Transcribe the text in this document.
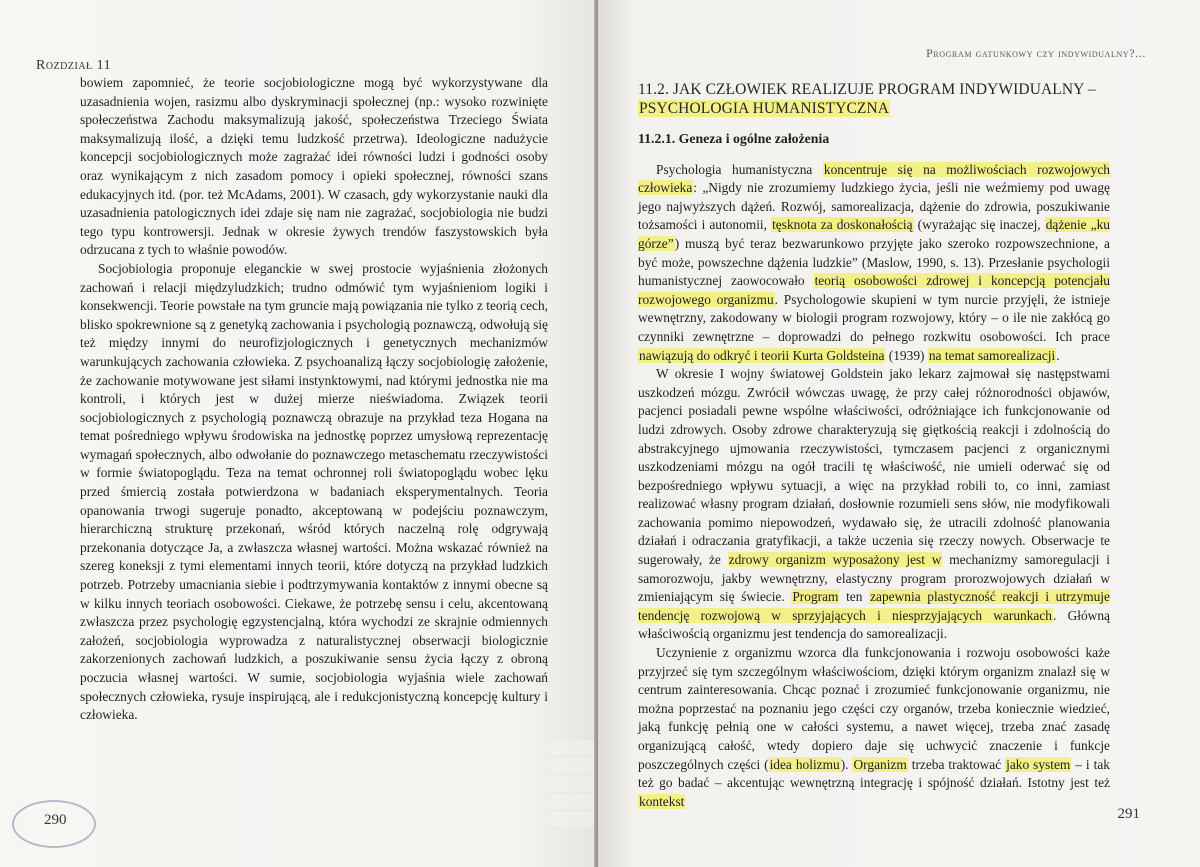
Rozdział 11

bowiem zapomnieć, że teorie socjobiologiczne mogą być wykorzystywane dla uzasadnienia wojen, rasizmu albo dyskryminacji społecznej (np.: wysoko rozwinięte społeczeństwa Zachodu maksymalizują jakość, społeczeństwa Trzeciego Świata maksymalizują ilość, a dzięki temu ludzkość przetrwa). Ideologiczne nadużycie koncepcji socjobiologicznych może zagrażać idei równości ludzi i godności osoby oraz wynikającym z nich zasadom pomocy i opieki społecznej, równości szans edukacyjnych itd. (por. też McAdams, 2001). W czasach, gdy wykorzystanie nauki dla uzasadnienia patologicznych idei zdaje się nam nie zagrażać, socjobiologia nie budzi tego typu kontrowersji. Jednak w okresie żywych trendów faszystowskich była odrzucana z tych to właśnie powodów.

Socjobiologia proponuje eleganckie w swej prostocie wyjaśnienia złożonych zachowań i relacji międzyludzkich; trudno odmówić tym wyjaśnieniom logiki i konsekwencji. Teorie powstałe na tym gruncie mają powiązania nie tylko z teorią cech, blisko spokrewnione są z genetyką zachowania i psychologią poznawczą, odwołują się też między innymi do neurofizjologicznych i genetycznych mechanizmów warunkujących zachowania człowieka. Z psychoanalizą łączy socjobiologię założenie, że zachowanie motywowane jest siłami instynktowymi, nad którymi jednostka nie ma kontroli, i których jest w dużej mierze nieświadoma. Związek teorii socjobiologicznych z psychologią poznawczą obrazuje na przykład teza Hogana na temat pośredniego wpływu środowiska na jednostkę poprzez umysłową reprezentację wymagań społecznych, albo odwołanie do poznawczego metaschematu rzeczywistości w formie światopoglądu. Teza na temat ochronnej roli światopoglądu wobec lęku przed śmiercią została potwierdzona w badaniach eksperymentalnych. Teoria opanowania trwogi sugeruje ponadto, akceptowaną w podejściu poznawczym, hierarchiczną strukturę przekonań, wśród których naczelną rolę odgrywają przekonania dotyczące Ja, a zwłaszcza własnej wartości. Można wskazać również na szereg koneksji z tymi elementami innych teorii, które dotyczą na przykład ludzkich potrzeb. Potrzeby umacniania siebie i podtrzymywania kontaktów z innymi obecne są w kilku innych teoriach osobowości. Ciekawe, że potrzebę sensu i celu, akcentowaną zwłaszcza przez psychologię egzystencjalną, która wychodzi ze skrajnie odmiennych założeń, socjobiologia wyprowadza z naturalistycznej obserwacji biologicznie zakorzenionych zachowań ludzkich, a poszukiwanie sensu życia łączy z obroną poczucia własnej wartości. W sumie, socjobiologia wyjaśnia wiele zachowań społecznych człowieka, rysuje inspirującą, ale i redukcjonistyczną koncepcję kultury i człowieka.

290
Program gatunkowy czy indywidualny?...
11.2. JAK CZŁOWIEK REALIZUJE PROGRAM INDYWIDUALNY –
PSYCHOLOGIA HUMANISTYCZNA
11.2.1. Geneza i ogólne założenia

Psychologia humanistyczna koncentruje się na możliwościach rozwojowych człowieka: „Nigdy nie zrozumiemy ludzkiego życia, jeśli nie weźmiemy pod uwagę jego najwyższych dążeń. Rozwój, samorealizacja, dążenie do zdrowia, poszukiwanie tożsamości i autonomii, tęsknota za doskonałością (wyrażając się inaczej, dążenie „ku górze”) muszą być teraz bezwarunkowo przyjęte jako szeroko rozpowszechnione, a być może, powszechne dążenia ludzkie” (Maslow, 1990, s. 13). Przesłanie psychologii humanistycznej zaowocowało teorią osobowości zdrowej i koncepcją potencjału rozwojowego organizmu. Psychologowie skupieni w tym nurcie przyjęli, że istnieje wewnętrzny, zakodowany w biologii program rozwojowy, który – o ile nie zakłócą go czynniki zewnętrzne – doprowadzi do pełnego rozkwitu osobowości. Ich prace nawiązują do odkryć i teorii Kurta Goldsteina (1939) na temat samorealizacji.

W okresie I wojny światowej Goldstein jako lekarz zajmował się następstwami uszkodzeń mózgu. Zwrócił wówczas uwagę, że przy całej różnorodności objawów, pacjenci posiadali pewne wspólne właściwości, odróżniające ich funkcjonowanie od ludzi zdrowych. Osoby zdrowe charakteryzują się giętkością reakcji i zdolnością do abstrakcyjnego ujmowania rzeczywistości, tymczasem pacjenci z organicznymi uszkodzeniami mózgu na ogół tracili tę właściwość, nie umieli oderwać się od bezpośredniego wpływu sytuacji, a więc na przykład robili to, co inni, zamiast realizować własny program działań, dosłownie rozumieli sens słów, nie modyfikowali zachowania pomimo niepowodzeń, wydawało się, że utracili zdolność planowania działań i odraczania gratyfikacji, a także uczenia się rzeczy nowych. Obserwacje te sugerowały, że zdrowy organizm wyposażony jest w mechanizmy samoregulacji i samorozwoju, jakby wewnętrzny, elastyczny program prorozwojowych działań w zmieniającym się świecie. Program ten zapewnia plastyczność reakcji i utrzymuje tendencję rozwojową w sprzyjających i niesprzyjających warunkach. Główną właściwością organizmu jest tendencja do samorealizacji.

Uczynienie z organizmu wzorca dla funkcjonowania i rozwoju osobowości każe przyjrzeć się tym szczególnym właściwościom, dzięki którym organizm znalazł się w centrum zainteresowania. Chcąc poznać i zrozumieć funkcjonowanie organizmu, nie można poprzestać na poznaniu jego części czy organów, trzeba koniecznie wiedzieć, jaką funkcję pełnią one w całości systemu, a nawet więcej, trzeba znać zasadę organizującą całość, wtedy dopiero daje się uchwycić znaczenie i funkcje poszczególnych części (idea holizmu). Organizm trzeba traktować jako system – i tak też go badać – akcentując wewnętrzną integrację i spójność działań. Istotny jest też kontekst

291
